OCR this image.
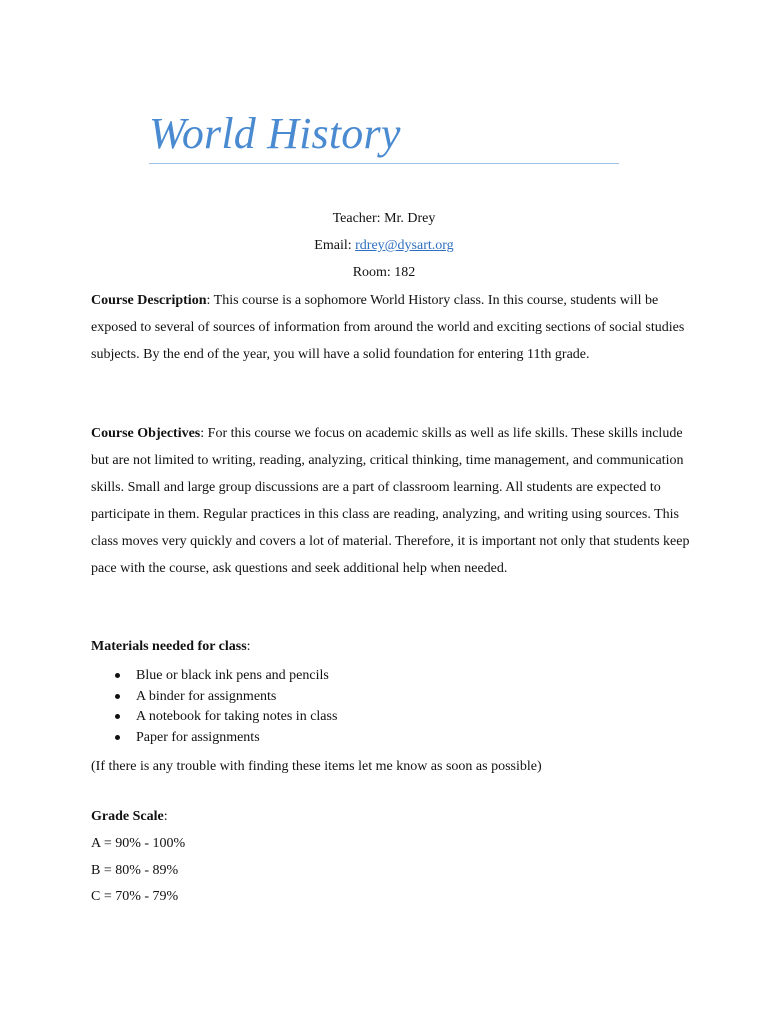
World History
Teacher: Mr. Drey
Email: rdrey@dysart.org
Room: 182

Course Description: This course is a sophomore World History class. In this course, students will be exposed to several of sources of information from around the world and exciting sections of social studies subjects. By the end of the year, you will have a solid foundation for entering 11th grade.

Course Objectives: For this course we focus on academic skills as well as life skills. These skills include but are not limited to writing, reading, analyzing, critical thinking, time management, and communication skills. Small and large group discussions are a part of classroom learning. All students are expected to participate in them. Regular practices in this class are reading, analyzing, and writing using sources. This class moves very quickly and covers a lot of material. Therefore, it is important not only that students keep pace with the course, ask questions and seek additional help when needed.

Materials needed for class:
Blue or black ink pens and pencils
A binder for assignments
A notebook for taking notes in class
Paper for assignments
(If there is any trouble with finding these items let me know as soon as possible)
Grade Scale:
A = 90% - 100%
B = 80% - 89%
C = 70% - 79%
